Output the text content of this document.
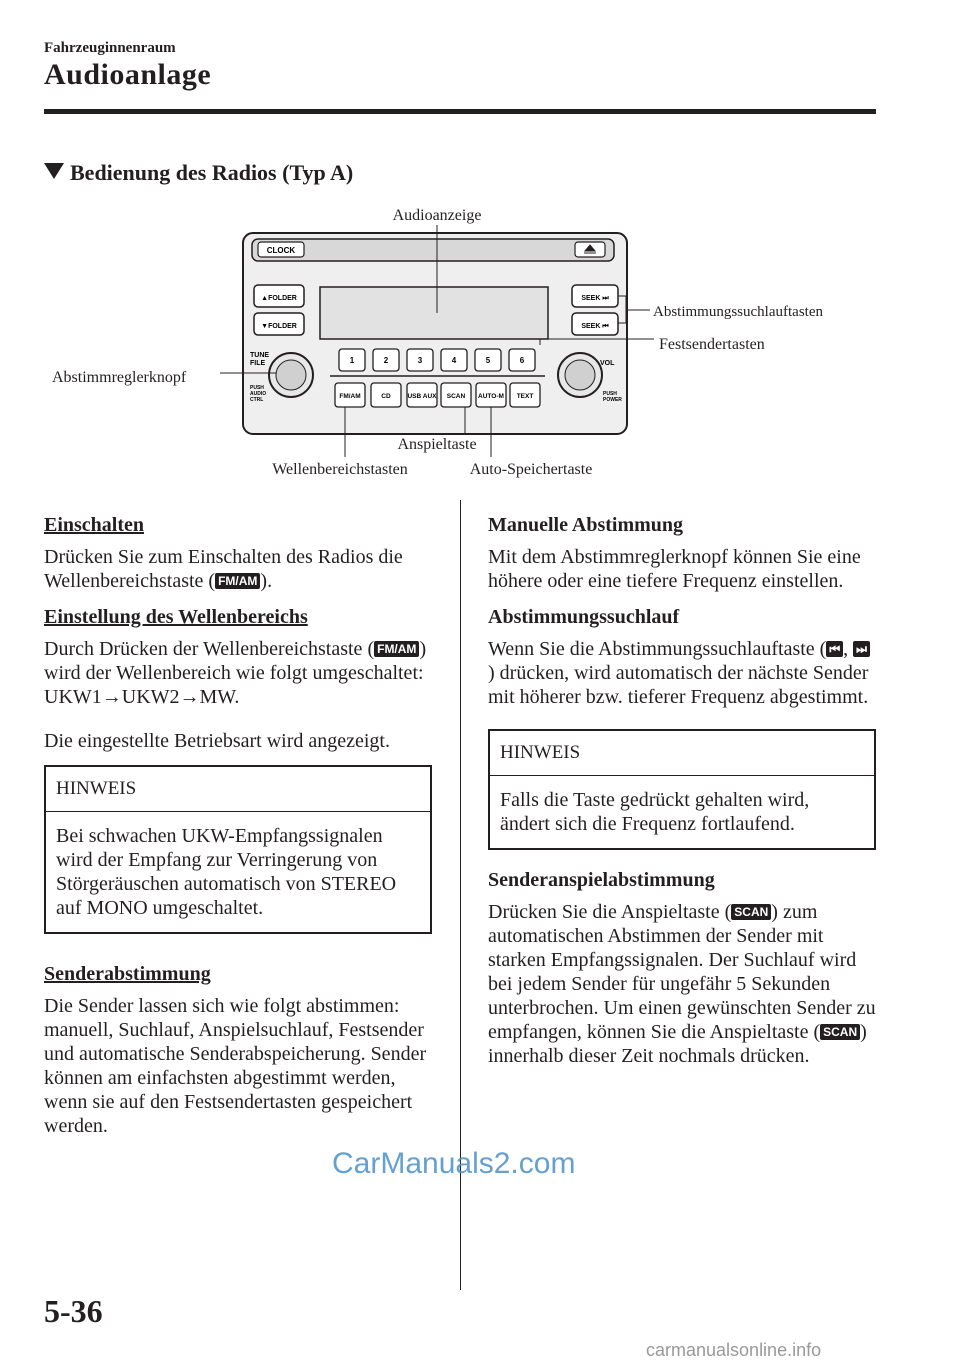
Fahrzeuginnenraum
Audioanlage
Bedienung des Radios (Typ A)
CLOCK
▲FOLDER
▼FOLDER
SEEK ⏭
SEEK ⏮
TUNE
FILE
PUSH
AUDIO
CTRL
VOL
PUSH
POWER
1	2	3	4	5	6
FM/AM	CD	USB AUX SCAN AUTO-M TEXT
Audioanzeige
Abstimmungssuchlauftasten
Festsendertasten
Abstimmreglerknopf
Anspieltaste
Wellenbereichstasten	Auto-Speichertaste
Einschalten

Drücken Sie zum Einschalten des Radios die Wellenbereichstaste ( FM/AM ).

Einstellung des Wellenbereichs

Durch Drücken der Wellenbereichstaste ( FM/AM ) wird der Wellenbereich wie folgt umgeschaltet: UKW1→UKW2→MW.

Die eingestellte Betriebsart wird angezeigt.

HINWEIS
Bei schwachen UKW-Empfangssignalen wird der Empfang zur Verringerung von Störgeräuschen automatisch von STEREO auf MONO umgeschaltet.
Senderabstimmung

Die Sender lassen sich wie folgt abstimmen: manuell, Suchlauf, Anspielsuchlauf, Festsender und automatische Senderabspeicherung. Sender können am einfachsten abgestimmt werden, wenn sie auf den Festsendertasten gespeichert werden.

Manuelle Abstimmung

Mit dem Abstimmreglerknopf können Sie eine höhere oder eine tiefere Frequenz einstellen.

Abstimmungssuchlauf

Wenn Sie die Abstimmungssuchlauftaste ( ⏮ , ⏭) drücken, wird automatisch der nächste Sender mit höherer bzw. tieferer Frequenz abgestimmt.

HINWEIS
Falls die Taste gedrückt gehalten wird, ändert sich die Frequenz fortlaufend.
Senderanspielabstimmung

Drücken Sie die Anspieltaste ( SCAN ) zum automatischen Abstimmen der Sender mit starken Empfangssignalen. Der Suchlauf wird bei jedem Sender für ungefähr 5 Sekunden unterbrochen. Um einen gewünschten Sender zu empfangen, können Sie die Anspieltaste ( SCAN ) innerhalb dieser Zeit nochmals drücken.

CarManuals2.com
5-36
carmanualsonline.info
